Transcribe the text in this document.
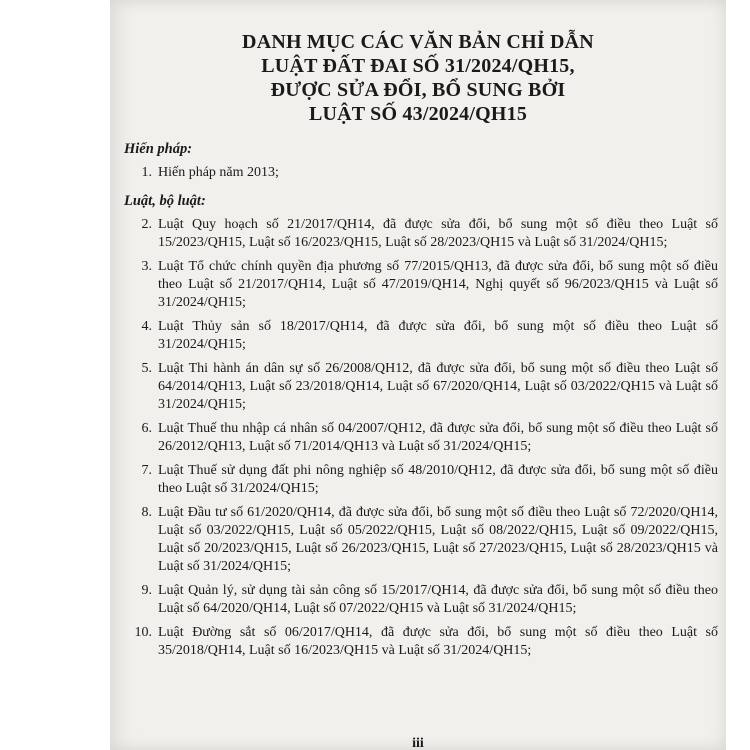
DANH MỤC CÁC VĂN BẢN CHỈ DẪN
LUẬT ĐẤT ĐAI SỐ 31/2024/QH15,
ĐƯỢC SỬA ĐỔI, BỔ SUNG BỞI
LUẬT SỐ 43/2024/QH15
Hiến pháp:
1. Hiến pháp năm 2013;
Luật, bộ luật:
2. Luật Quy hoạch số 21/2017/QH14, đã được sửa đổi, bổ sung một số điều theo Luật số 15/2023/QH15, Luật số 16/2023/QH15, Luật số 28/2023/QH15 và Luật số 31/2024/QH15;
3. Luật Tổ chức chính quyền địa phương số 77/2015/QH13, đã được sửa đổi, bổ sung một số điều theo Luật số 21/2017/QH14, Luật số 47/2019/QH14, Nghị quyết số 96/2023/QH15 và Luật số 31/2024/QH15;
4. Luật Thủy sản số 18/2017/QH14, đã được sửa đổi, bổ sung một số điều theo Luật số 31/2024/QH15;
5. Luật Thi hành án dân sự số 26/2008/QH12, đã được sửa đổi, bổ sung một số điều theo Luật số 64/2014/QH13, Luật số 23/2018/QH14, Luật số 67/2020/QH14, Luật số 03/2022/QH15 và Luật số 31/2024/QH15;
6. Luật Thuế thu nhập cá nhân số 04/2007/QH12, đã được sửa đổi, bổ sung một số điều theo Luật số 26/2012/QH13, Luật số 71/2014/QH13 và Luật số 31/2024/QH15;
7. Luật Thuế sử dụng đất phi nông nghiệp số 48/2010/QH12, đã được sửa đổi, bổ sung một số điều theo Luật số 31/2024/QH15;
8. Luật Đầu tư số 61/2020/QH14, đã được sửa đổi, bổ sung một số điều theo Luật số 72/2020/QH14, Luật số 03/2022/QH15, Luật số 05/2022/QH15, Luật số 08/2022/QH15, Luật số 09/2022/QH15, Luật số 20/2023/QH15, Luật số 26/2023/QH15, Luật số 27/2023/QH15, Luật số 28/2023/QH15 và Luật số 31/2024/QH15;
9. Luật Quản lý, sử dụng tài sản công số 15/2017/QH14, đã được sửa đổi, bổ sung một số điều theo Luật số 64/2020/QH14, Luật số 07/2022/QH15 và Luật số 31/2024/QH15;
10. Luật Đường sắt số 06/2017/QH14, đã được sửa đổi, bổ sung một số điều theo Luật số 35/2018/QH14, Luật số 16/2023/QH15 và Luật số 31/2024/QH15;
iii
